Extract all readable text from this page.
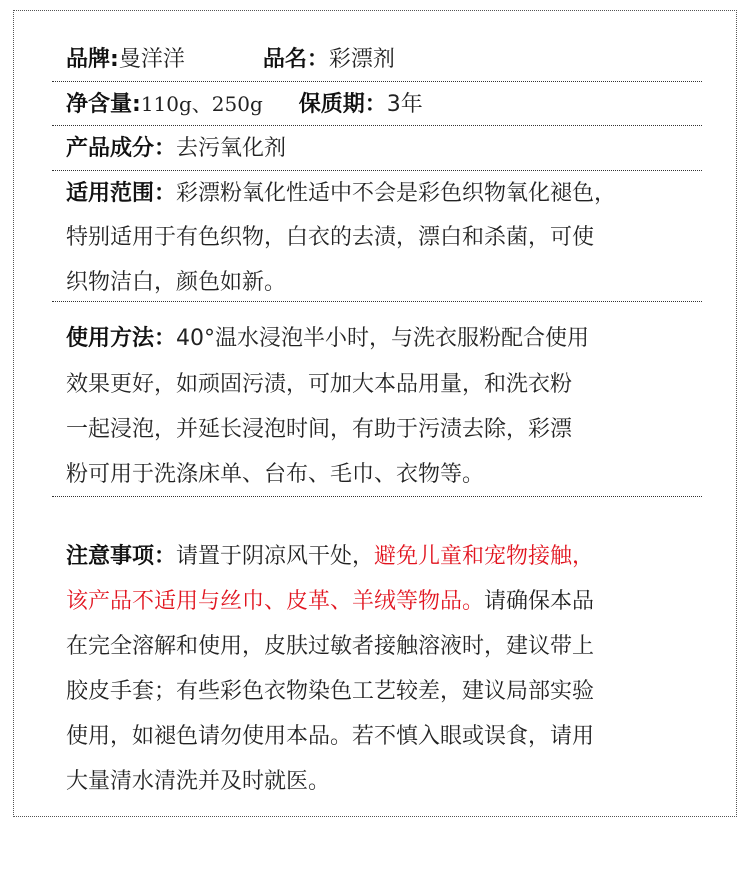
品牌:曼洋洋	品名：彩漂剂
净含量:110g、250g 保质期：3年
产品成分：去污氧化剂
适用范围：彩漂粉氧化性适中不会是彩色织物氧化褪色，
特别适用于有色织物，白衣的去渍，漂白和杀菌，可使
织物洁白，颜色如新。
使用方法：40°温水浸泡半小时，与洗衣服粉配合使用
效果更好，如顽固污渍，可加大本品用量，和洗衣粉
一起浸泡，并延长浸泡时间，有助于污渍去除，彩漂
粉可用于洗涤床单、台布、毛巾、衣物等。
注意事项：请置于阴凉风干处，避免儿童和宠物接触，
该产品不适用与丝巾、皮革、羊绒等物品。请确保本品
在完全溶解和使用，皮肤过敏者接触溶液时，建议带上
胶皮手套；有些彩色衣物染色工艺较差，建议局部实验
使用，如褪色请勿使用本品。若不慎入眼或误食，请用
大量清水清洗并及时就医。
